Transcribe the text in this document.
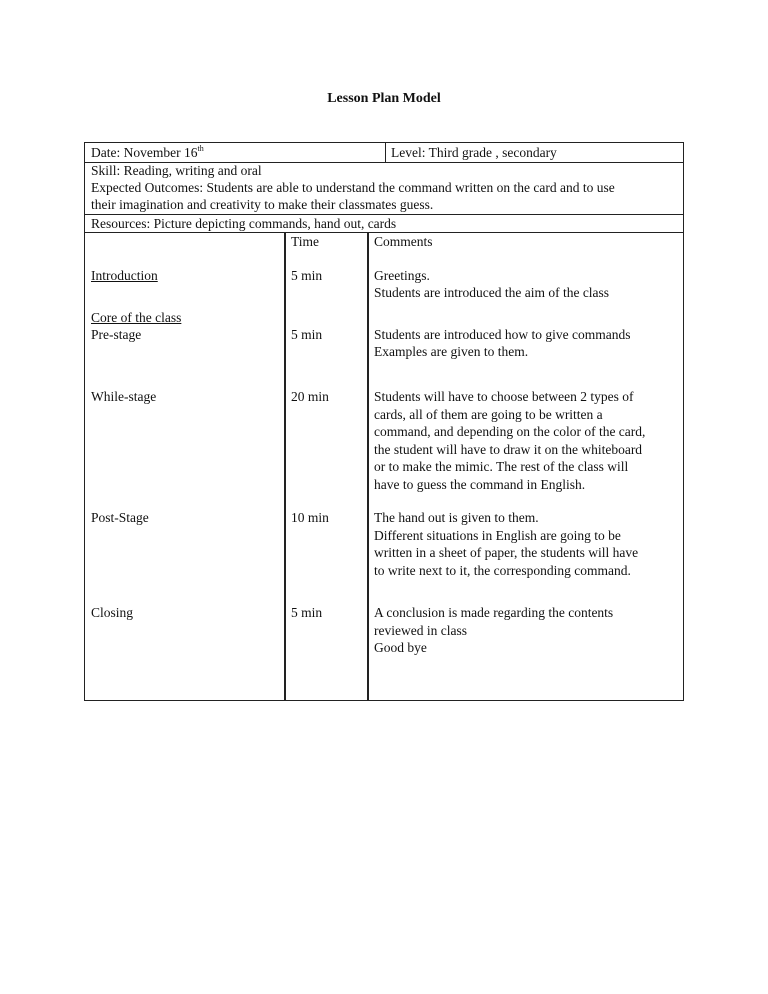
Lesson Plan Model
Date: November 16th	Level: Third grade , secondary
Skill: Reading, writing and oral
Expected Outcomes: Students are able to understand the command written on the card and to use
their imagination and creativity to make their classmates guess.
Resources: Picture depicting commands, hand out, cards
Time	Comments
Introduction	5 min	Greetings.
Students are introduced the aim of the class
Core of the class
Pre-stage	5 min	Students are introduced how to give commands
Examples are given to them.
While-stage	20 min	Students will have to choose between 2 types of
cards, all of them are going to be written a
command, and depending on the color of the card,
the student will have to draw it on the whiteboard
or to make the mimic. The rest of the class will
have to guess the command in English.
Post-Stage	10 min	The hand out is given to them.
Different situations in English are going to be
written in a sheet of paper, the students will have
to write next to it, the corresponding command.
Closing	5 min	A conclusion is made regarding the contents
reviewed in class
Good bye
